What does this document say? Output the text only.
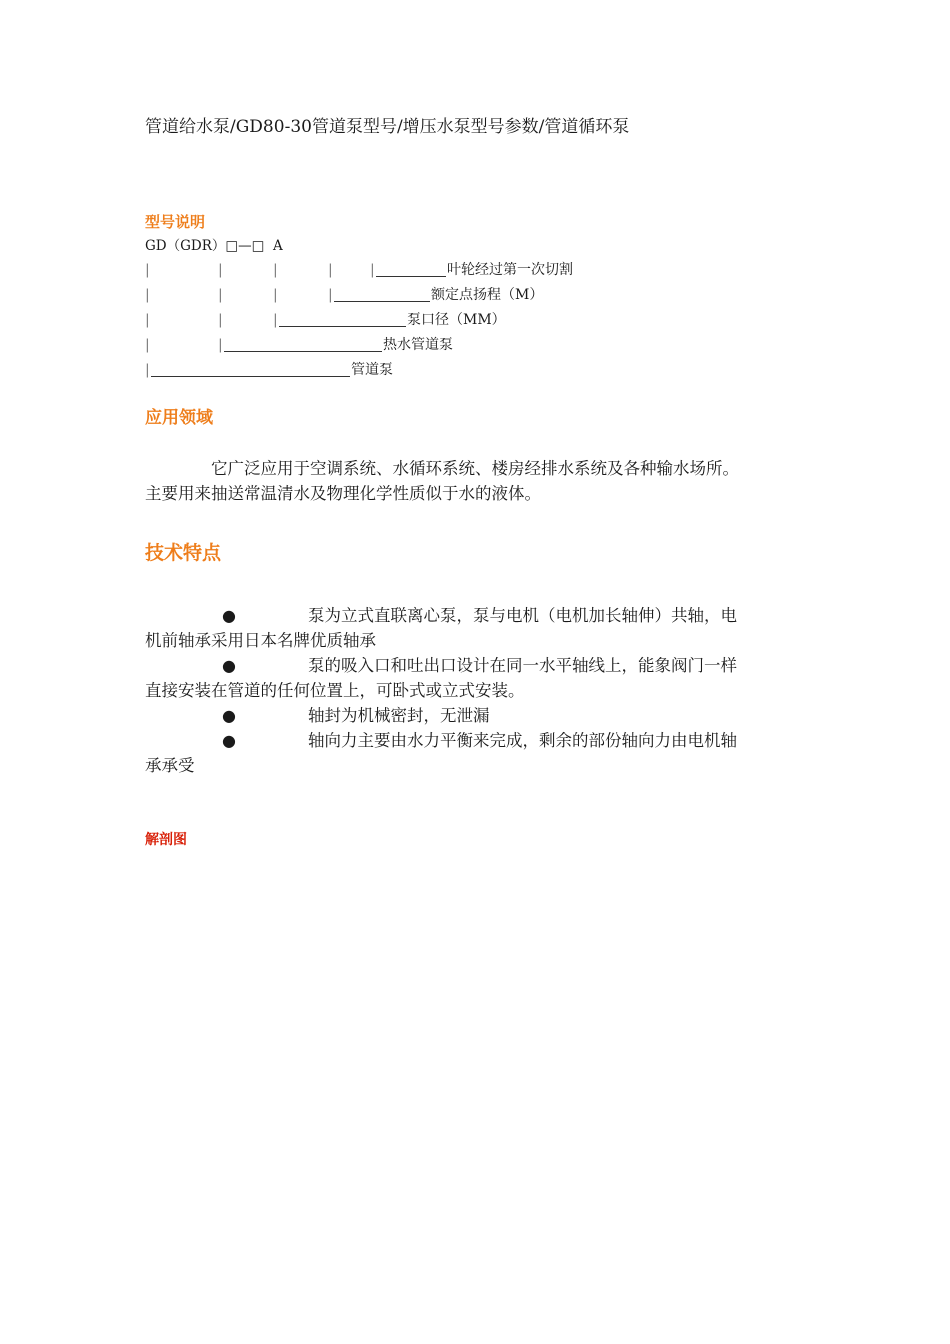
管道给水泵/GD80-30管道泵型号/增压水泵型号参数/管道循环泵
型号说明
GD（GDR）□—□  A
|	|	|	|	|	叶轮经过第一次切割
|	|	|	|	额定点扬程（M）
|	|	|	泵口径（MM）
|	|	热水管道泵
|	管道泵
应用领域
它广泛应用于空调系统、水循环系统、楼房经排水系统及各种输水场所。
主要用来抽送常温清水及物理化学性质似于水的液体。
技术特点
●	泵为立式直联离心泵，泵与电机（电机加长轴伸）共轴，电
机前轴承采用日本名牌优质轴承
●	泵的吸入口和吐出口设计在同一水平轴线上，能象阀门一样
直接安装在管道的任何位置上，可卧式或立式安装。
●	轴封为机械密封，无泄漏
●	轴向力主要由水力平衡来完成，剩余的部份轴向力由电机轴
承承受
解剖图
